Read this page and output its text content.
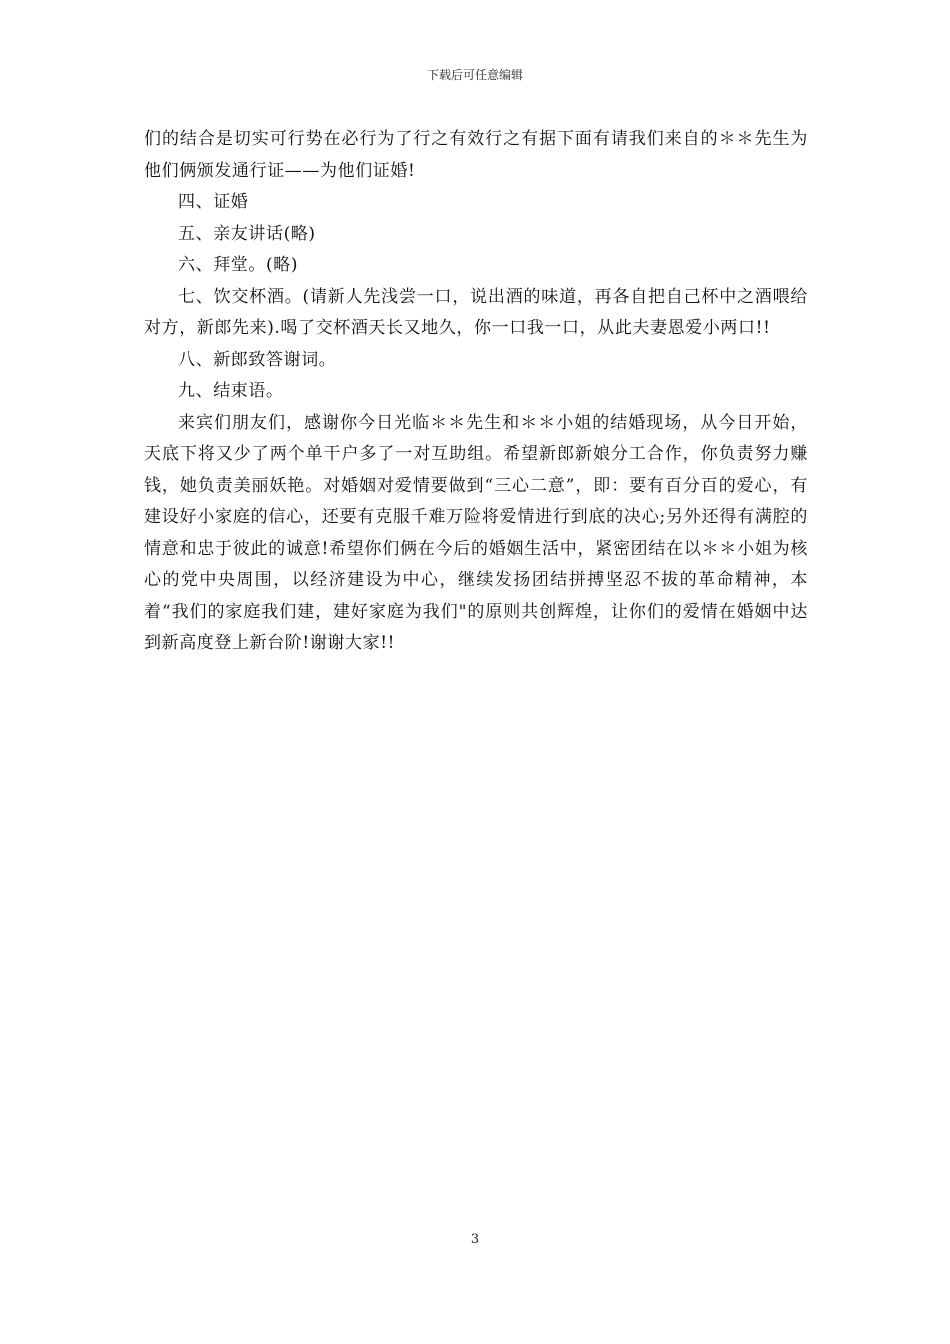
下载后可任意编辑

们的结合是切实可行势在必行为了行之有效行之有据下面有请我们来自的＊＊先生为他们俩颁发通行证——为他们证婚!

四、证婚

五、亲友讲话(略)

六、拜堂。(略)

七、饮交杯酒。(请新人先浅尝一口，说出酒的味道，再各自把自己杯中之酒喂给对方，新郎先来).喝了交杯酒天长又地久，你一口我一口，从此夫妻恩爱小两口!!

八、新郎致答谢词。

九、结束语。

来宾们朋友们，感谢你今日光临＊＊先生和＊＊小姐的结婚现场，从今日开始，天底下将又少了两个单干户多了一对互助组。希望新郎新娘分工合作，你负责努力赚钱，她负责美丽妖艳。对婚姻对爱情要做到“三心二意”，即：要有百分百的爱心，有建设好小家庭的信心，还要有克服千难万险将爱情进行到底的决心;另外还得有满腔的情意和忠于彼此的诚意!希望你们俩在今后的婚姻生活中，紧密团结在以＊＊小姐为核心的党中央周围，以经济建设为中心，继续发扬团结拼搏坚忍不拔的革命精神，本着“我们的家庭我们建，建好家庭为我们"的原则共创辉煌，让你们的爱情在婚姻中达到新高度登上新台阶!谢谢大家!!

3
